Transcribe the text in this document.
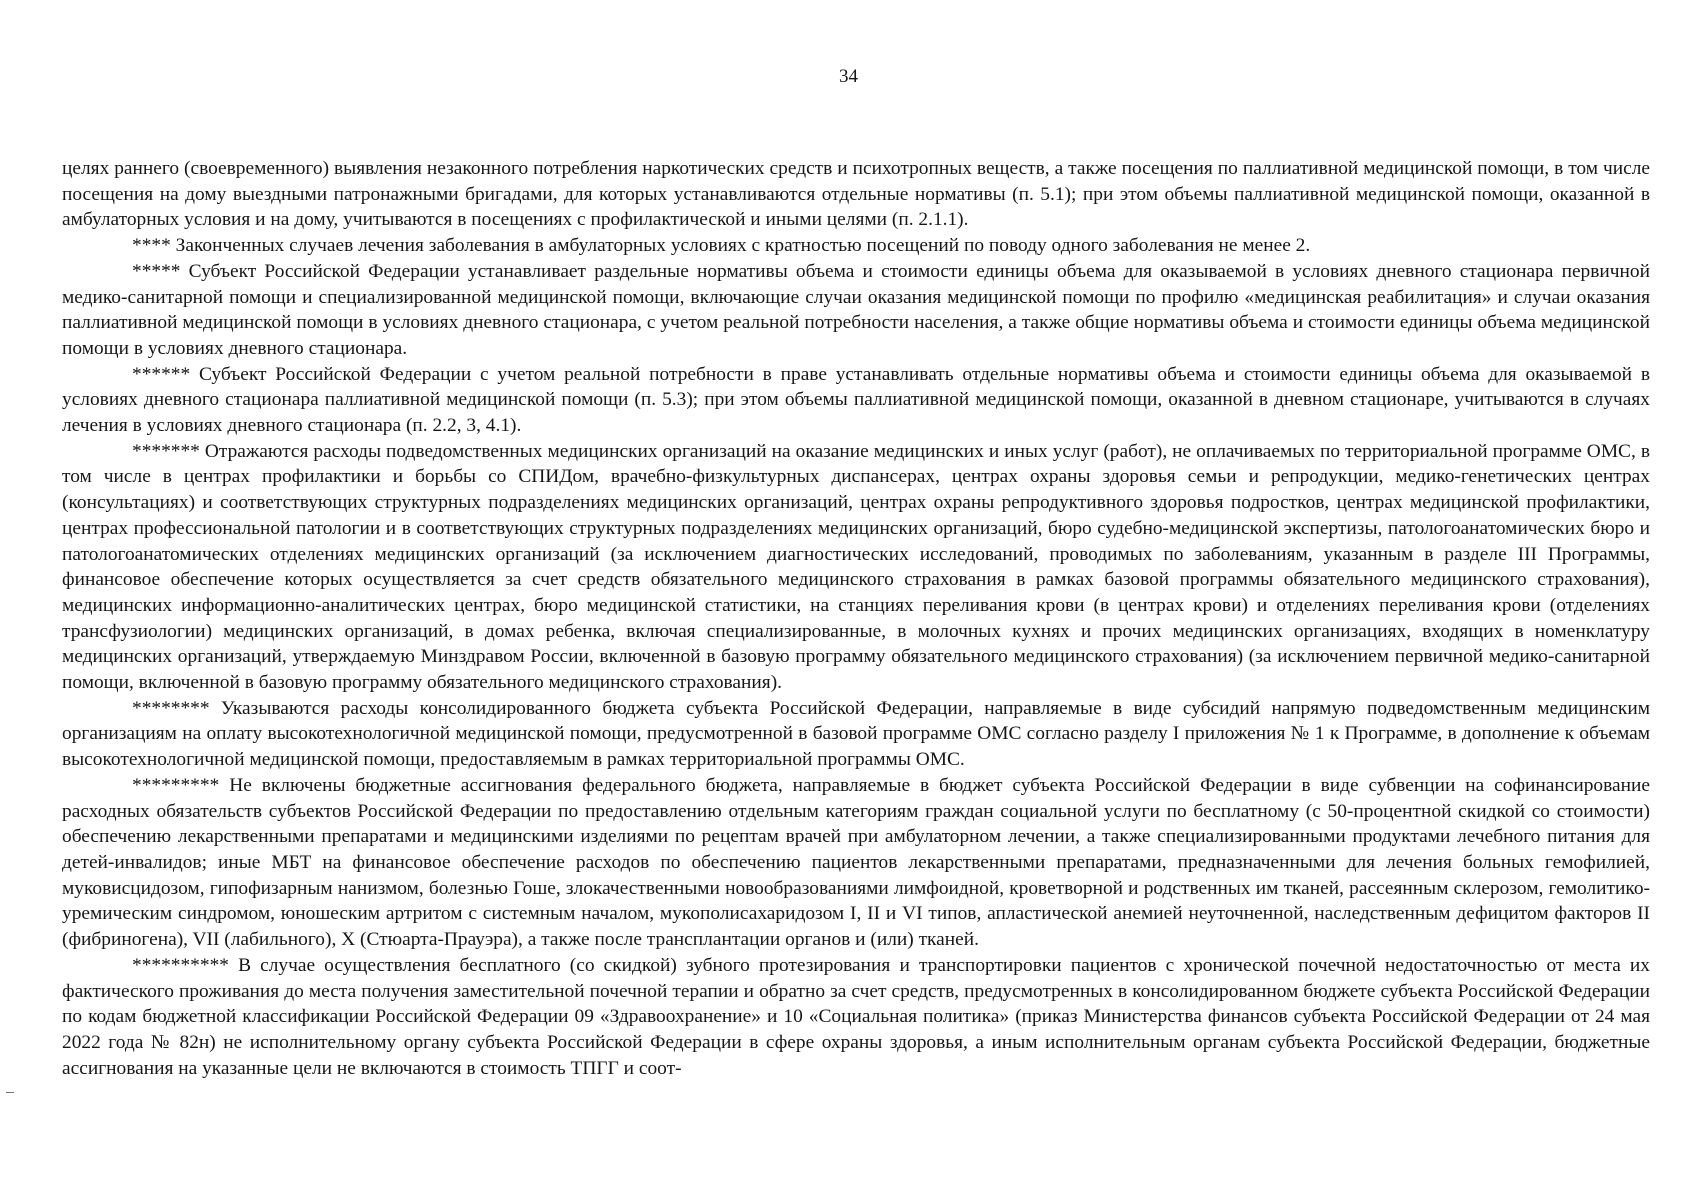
34

целях раннего (своевременного) выявления незаконного потребления наркотических средств и психотропных веществ, а также посещения по паллиативной медицинской помощи, в том числе посещения на дому выездными патронажными бригадами, для которых устанавливаются отдельные нормативы (п. 5.1); при этом объемы паллиативной медицинской помощи, оказанной в амбулаторных условия и на дому, учитываются в посещениях с профилактической и иными целями (п. 2.1.1).

**** Законченных случаев лечения заболевания в амбулаторных условиях с кратностью посещений по поводу одного заболевания не менее 2.

***** Субъект Российской Федерации устанавливает раздельные нормативы объема и стоимости единицы объема для оказываемой в условиях дневного стационара первичной медико-санитарной помощи и специализированной медицинской помощи, включающие случаи оказания медицинской помощи по профилю «медицинская реабилитация» и случаи оказания паллиативной медицинской помощи в условиях дневного стационара, с учетом реальной потребности населения, а также общие нормативы объема и стоимости единицы объема медицинской помощи в условиях дневного стационара.

****** Субъект Российской Федерации с учетом реальной потребности в праве устанавливать отдельные нормативы объема и стоимости единицы объема для оказываемой в условиях дневного стационара паллиативной медицинской помощи (п. 5.3); при этом объемы паллиативной медицинской помощи, оказанной в дневном стационаре, учитываются в случаях лечения в условиях дневного стационара (п. 2.2, 3, 4.1).

******* Отражаются расходы подведомственных медицинских организаций на оказание медицинских и иных услуг (работ), не оплачиваемых по территориальной программе ОМС, в том числе в центрах профилактики и борьбы со СПИДом, врачебно-физкультурных диспансерах, центрах охраны здоровья семьи и репродукции, медико-генетических центрах (консультациях) и соответствующих структурных подразделениях медицинских организаций, центрах охраны репродуктивного здоровья подростков, центрах медицинской профилактики, центрах профессиональной патологии и в соответствующих структурных подразделениях медицинских организаций, бюро судебно-медицинской экспертизы, патологоанатомических бюро и патологоанатомических отделениях медицинских организаций (за исключением диагностических исследований, проводимых по заболеваниям, указанным в разделе III Программы, финансовое обеспечение которых осуществляется за счет средств обязательного медицинского страхования в рамках базовой программы обязательного медицинского страхования), медицинских информационно-аналитических центрах, бюро медицинской статистики, на станциях переливания крови (в центрах крови) и отделениях переливания крови (отделениях трансфузиологии) медицинских организаций, в домах ребенка, включая специализированные, в молочных кухнях и прочих медицинских организациях, входящих в номенклатуру медицинских организаций, утверждаемую Минздравом России, включенной в базовую программу обязательного медицинского страхования) (за исключением первичной медико-санитарной помощи, включенной в базовую программу обязательного медицинского страхования).

******** Указываются расходы консолидированного бюджета субъекта Российской Федерации, направляемые в виде субсидий напрямую подведомственным медицинским организациям на оплату высокотехнологичной медицинской помощи, предусмотренной в базовой программе ОМС согласно разделу I приложения № 1 к Программе, в дополнение к объемам высокотехнологичной медицинской помощи, предоставляемым в рамках территориальной программы ОМС.

********* Не включены бюджетные ассигнования федерального бюджета, направляемые в бюджет субъекта Российской Федерации в виде субвенции на софинансирование расходных обязательств субъектов Российской Федерации по предоставлению отдельным категориям граждан социальной услуги по бесплатному (с 50-процентной скидкой со стоимости) обеспечению лекарственными препаратами и медицинскими изделиями по рецептам врачей при амбулаторном лечении, а также специализированными продуктами лечебного питания для детей-инвалидов; иные МБТ на финансовое обеспечение расходов по обеспечению пациентов лекарственными препаратами, предназначенными для лечения больных гемофилией, муковисцидозом, гипофизарным нанизмом, болезнью Гоше, злокачественными новообразованиями лимфоидной, кроветворной и родственных им тканей, рассеянным склерозом, гемолитико-уремическим синдромом, юношеским артритом с системным началом, мукополисахаридозом I, II и VI типов, апластической анемией неуточненной, наследственным дефицитом факторов II (фибриногена), VII (лабильного), X (Стюарта-Прауэра), а также после трансплантации органов и (или) тканей.

********** В случае осуществления бесплатного (со скидкой) зубного протезирования и транспортировки пациентов с хронической почечной недостаточностью от места их фактического проживания до места получения заместительной почечной терапии и обратно за счет средств, предусмотренных в консолидированном бюджете субъекта Российской Федерации по кодам бюджетной классификации Российской Федерации 09 «Здравоохранение» и 10 «Социальная политика» (приказ Министерства финансов субъекта Российской Федерации от 24 мая 2022 года № 82н) не исполнительному органу субъекта Российской Федерации в сфере охраны здоровья, а иным исполнительным органам субъекта Российской Федерации, бюджетные ассигнования на указанные цели не включаются в стоимость ТПГГ и соот-
